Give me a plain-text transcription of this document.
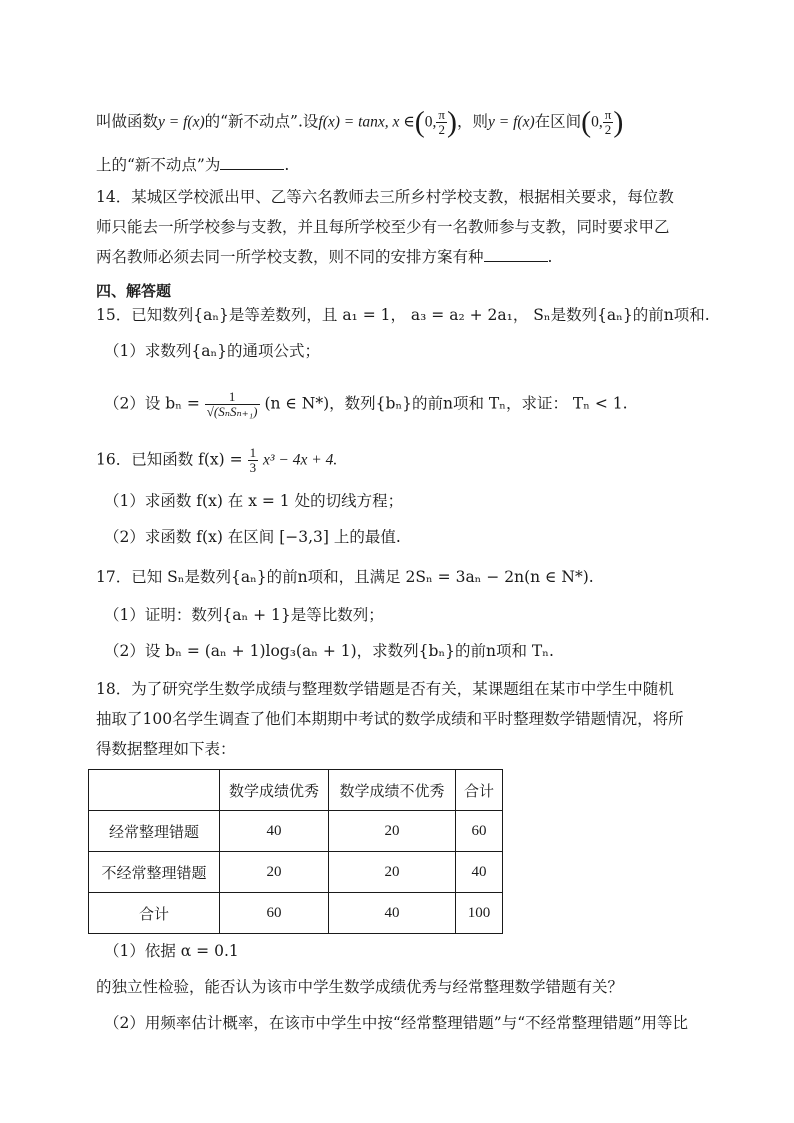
叫做函数y = f(x)的“新不动点”.设f(x) = tanx, x ∈(0, $\frac{\pi}{2}$ )，则y = f(x)在区间(0, $\frac{\pi}{2}$ )
上的“新不动点”为	.
14．某城区学校派出甲、乙等六名教师去三所乡村学校支教，根据相关要求，每位教
师只能去一所学校参与支教，并且每所学校至少有一名教师参与支教，同时要求甲乙
两名教师必须去同一所学校支教，则不同的安排方案有种	.
四、解答题
15．已知数列{aₙ}是等差数列，且 a₁ = 1， a₃ = a₂ + 2a₁， Sₙ是数列{aₙ}的前n项和.
（1）求数列{aₙ}的通项公式；
（2）设 $b_n = \frac{1}{\text{√(SₙSₙ₊₁)}} (n$ ∈ N*)，数列{bₙ}的前n项和 Tₙ，求证： Tₙ < 1.
16．已知函数 $f(x) = \frac{1}{3} x^3 - 4x + 4$.
（1）求函数 f(x) 在 x = 1 处的切线方程；
（2）求函数 f(x) 在区间 [−3,3] 上的最值.
17．已知 Sₙ是数列{aₙ}的前n项和，且满足 2Sₙ = 3aₙ − 2n(n ∈ N*).
（1）证明：数列{aₙ + 1}是等比数列；
（2）设 bₙ = (aₙ + 1)log₃(aₙ + 1)，求数列{bₙ}的前n项和 Tₙ.
18．为了研究学生数学成绩与整理数学错题是否有关，某课题组在某市中学生中随机
抽取了100名学生调查了他们本期期中考试的数学成绩和平时整理数学错题情况，将所
得数据整理如下表：
	数学成绩优秀	数学成绩不优秀	合计
经常整理错题	40	20	60
不经常整理错题	20	20	40
合计	60	40	100
（1）依据 α = 0.1
的独立性检验，能否认为该市中学生数学成绩优秀与经常整理数学错题有关？
（2）用频率估计概率，在该市中学生中按“经常整理错题”与“不经常整理错题”用等比
